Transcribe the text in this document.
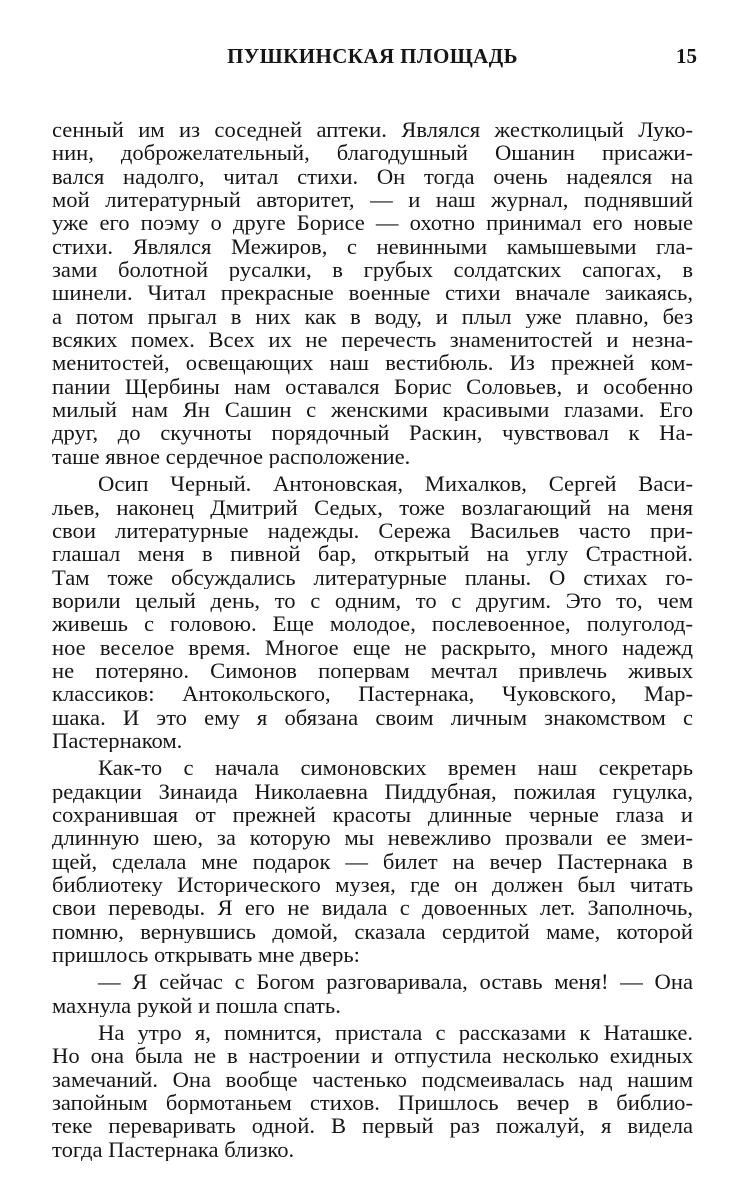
ПУШКИНСКАЯ ПЛОЩАДЬ	15
сенный им из соседней аптеки. Являлся жестколицый Луко-
нин, доброжелательный, благодушный Ошанин присажи-
вался надолго, читал стихи. Он тогда очень надеялся на
мой литературный авторитет, — и наш журнал, поднявший
уже его поэму о друге Борисе — охотно принимал его новые
стихи. Являлся Межиров, с невинными камышевыми гла-
зами болотной русалки, в грубых солдатских сапогах, в
шинели. Читал прекрасные военные стихи вначале заикаясь,
а потом прыгал в них как в воду, и плыл уже плавно, без
всяких помех. Всех их не перечесть знаменитостей и незна-
менитостей, освещающих наш вестибюль. Из прежней ком-
пании Щербины нам оставался Борис Соловьев, и особенно
милый нам Ян Сашин с женскими красивыми глазами. Его
друг, до скучноты порядочный Раскин, чувствовал к На-
таше явное сердечное расположение.
Осип Черный. Антоновская, Михалков, Сергей Васи-
льев, наконец Дмитрий Седых, тоже возлагающий на меня
свои литературные надежды. Сережа Васильев часто при-
глашал меня в пивной бар, открытый на углу Страстной.
Там тоже обсуждались литературные планы. О стихах го-
ворили целый день, то с одним, то с другим. Это то, чем
живешь с головою. Еще молодое, послевоенное, полуголод-
ное веселое время. Многое еще не раскрыто, много надежд
не потеряно. Симонов попервам мечтал привлечь живых
классиков: Антокольского, Пастернака, Чуковского, Мар-
шака. И это ему я обязана своим личным знакомством с
Пастернаком.
Как-то с начала симоновских времен наш секретарь
редакции Зинаида Николаевна Пиддубная, пожилая гуцулка,
сохранившая от прежней красоты длинные черные глаза и
длинную шею, за которую мы невежливо прозвали ее змеи-
щей, сделала мне подарок — билет на вечер Пастернака в
библиотеку Исторического музея, где он должен был читать
свои переводы. Я его не видала с довоенных лет. Заполночь,
помню, вернувшись домой, сказала сердитой маме, которой
пришлось открывать мне дверь:
— Я сейчас с Богом разговаривала, оставь меня! — Она
махнула рукой и пошла спать.
На утро я, помнится, пристала с рассказами к Наташке.
Но она была не в настроении и отпустила несколько ехидных
замечаний. Она вообще частенько подсмеивалась над нашим
запойным бормотаньем стихов. Пришлось вечер в библио-
теке переваривать одной. В первый раз пожалуй, я видела
тогда Пастернака близко.
